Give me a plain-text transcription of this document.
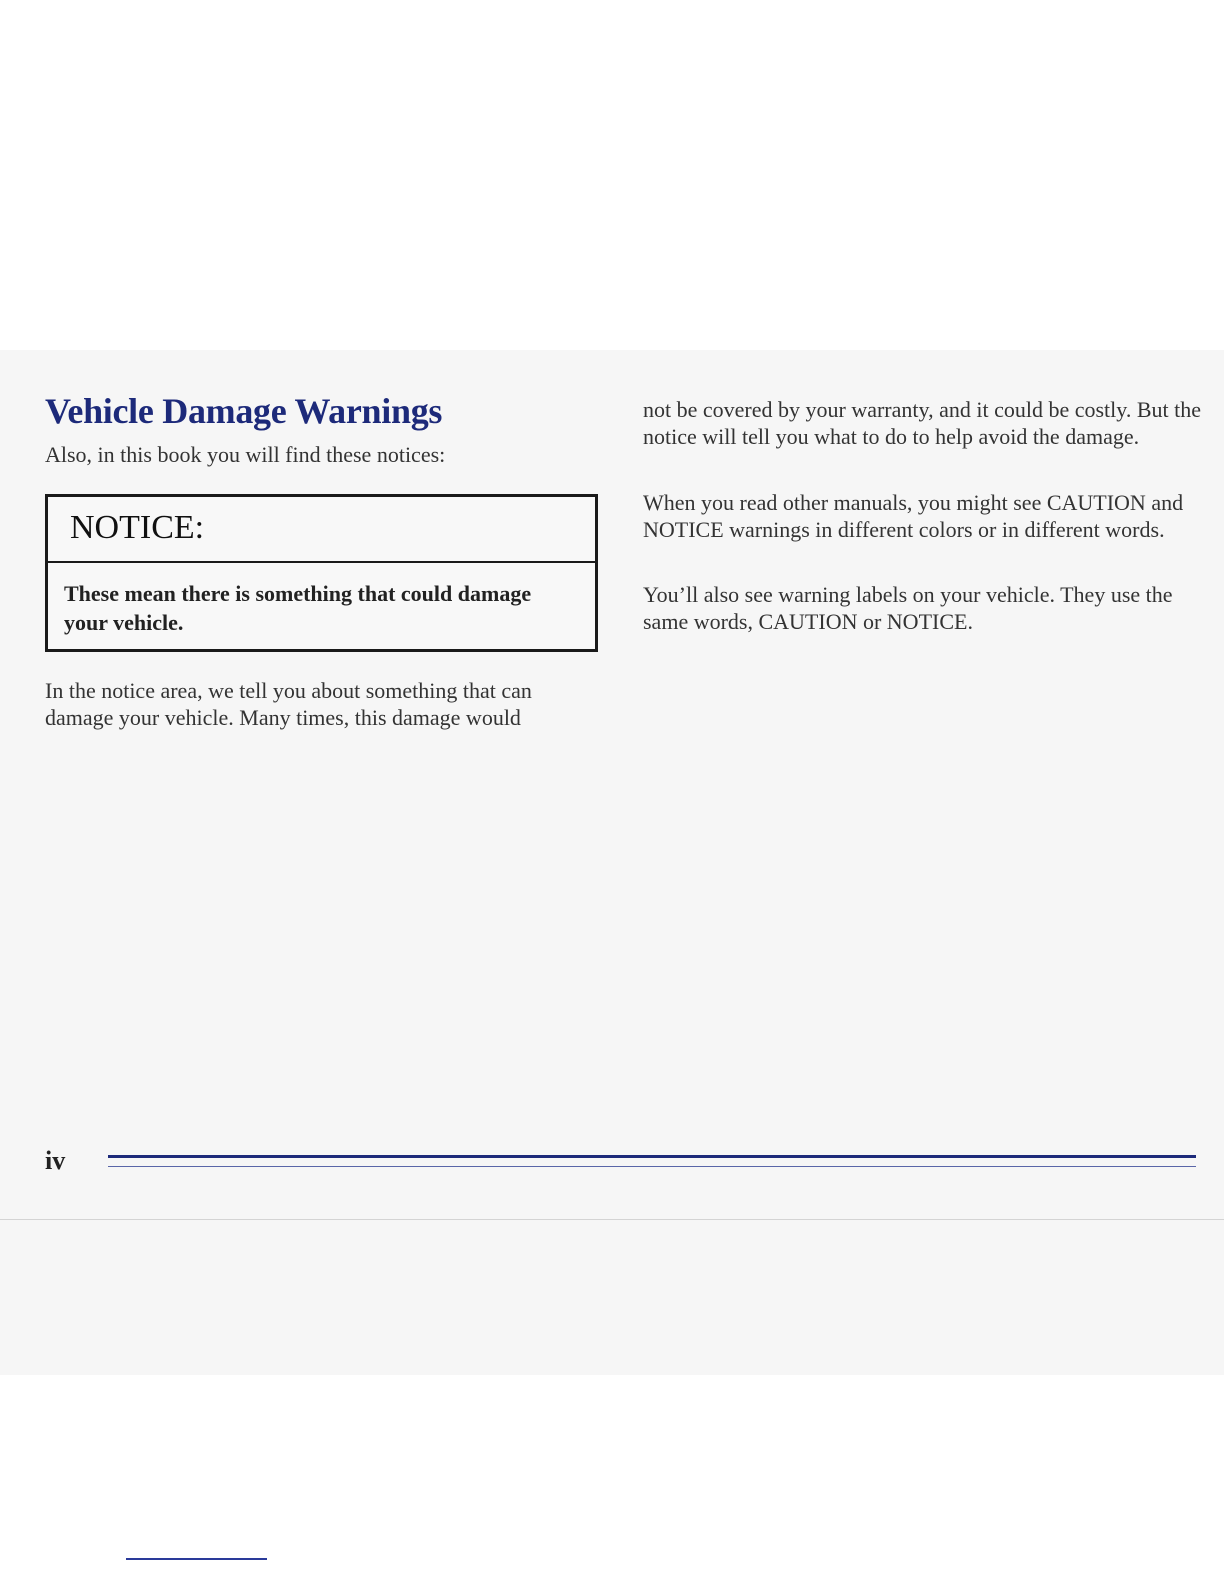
Vehicle Damage Warnings

Also, in this book you will find these notices:

NOTICE:

These mean there is something that could damage your vehicle.

In the notice area, we tell you about something that can damage your vehicle. Many times, this damage would

not be covered by your warranty, and it could be costly. But the notice will tell you what to do to help avoid the damage.

When you read other manuals, you might see CAUTION and NOTICE warnings in different colors or in different words.

You’ll also see warning labels on your vehicle. They use the same words, CAUTION or NOTICE.

iv
